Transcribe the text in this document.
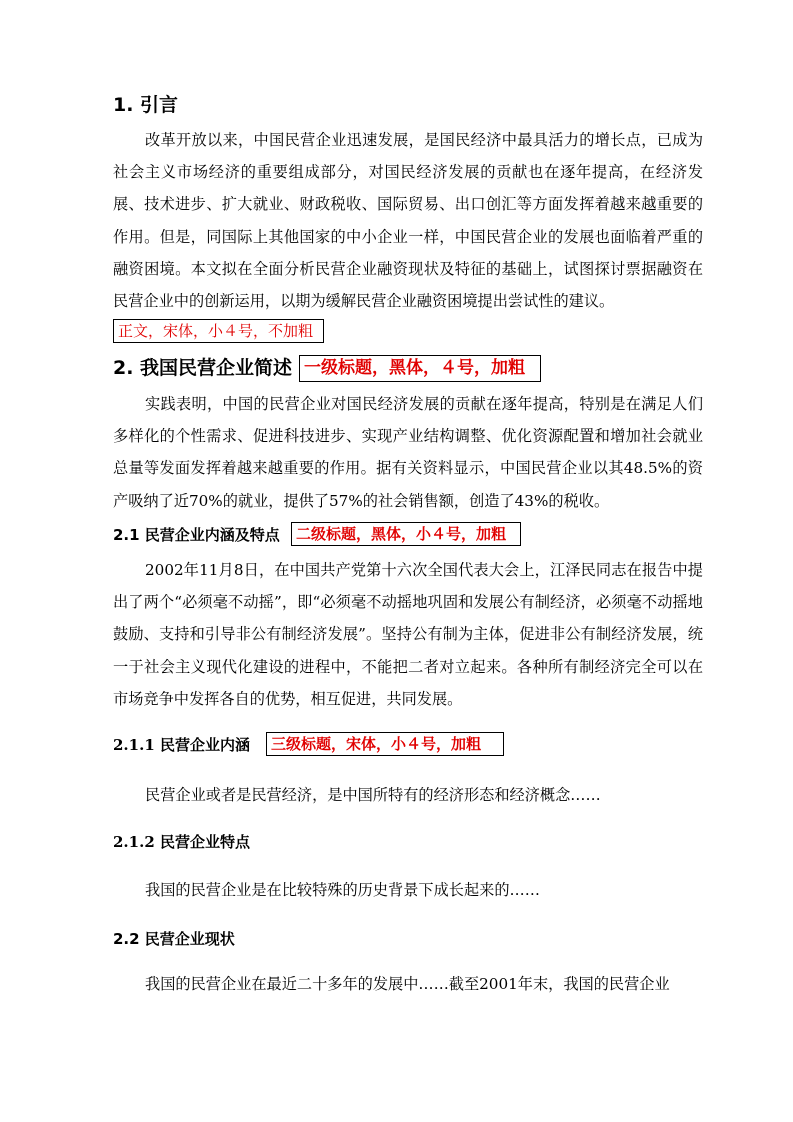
1. 引言

改革开放以来，中国民营企业迅速发展，是国民经济中最具活力的增长点，已成为社会主义市场经济的重要组成部分，对国民经济发展的贡献也在逐年提高，在经济发展、技术进步、扩大就业、财政税收、国际贸易、出口创汇等方面发挥着越来越重要的作用。但是，同国际上其他国家的中小企业一样，中国民营企业的发展也面临着严重的融资困境。本文拟在全面分析民营企业融资现状及特征的基础上，试图探讨票据融资在民营企业中的创新运用，以期为缓解民营企业融资困境提出尝试性的建议。

正文，宋体，小４号，不加粗
2. 我国民营企业简述 一级标题，黑体，４号，加粗

实践表明，中国的民营企业对国民经济发展的贡献在逐年提高，特别是在满足人们多样化的个性需求、促进科技进步、实现产业结构调整、优化资源配置和增加社会就业总量等发面发挥着越来越重要的作用。据有关资料显示，中国民营企业以其48.5%的资产吸纳了近70%的就业，提供了57%的社会销售额，创造了43%的税收。

2.1 民营企业内涵及特点	二级标题，黑体，小４号，加粗

2002年11月8日，在中国共产党第十六次全国代表大会上，江泽民同志在报告中提出了两个“必须毫不动摇”，即“必须毫不动摇地巩固和发展公有制经济，必须毫不动摇地鼓励、支持和引导非公有制经济发展”。坚持公有制为主体，促进非公有制经济发展，统一于社会主义现代化建设的进程中，不能把二者对立起来。各种所有制经济完全可以在市场竞争中发挥各自的优势，相互促进，共同发展。

2.1.1 民营企业内涵	三级标题，宋体，小４号，加粗

民营企业或者是民营经济，是中国所特有的经济形态和经济概念……

2.1.2 民营企业特点

我国的民营企业是在比较特殊的历史背景下成长起来的……

2.2 民营企业现状

我国的民营企业在最近二十多年的发展中……截至2001年末，我国的民营企业
